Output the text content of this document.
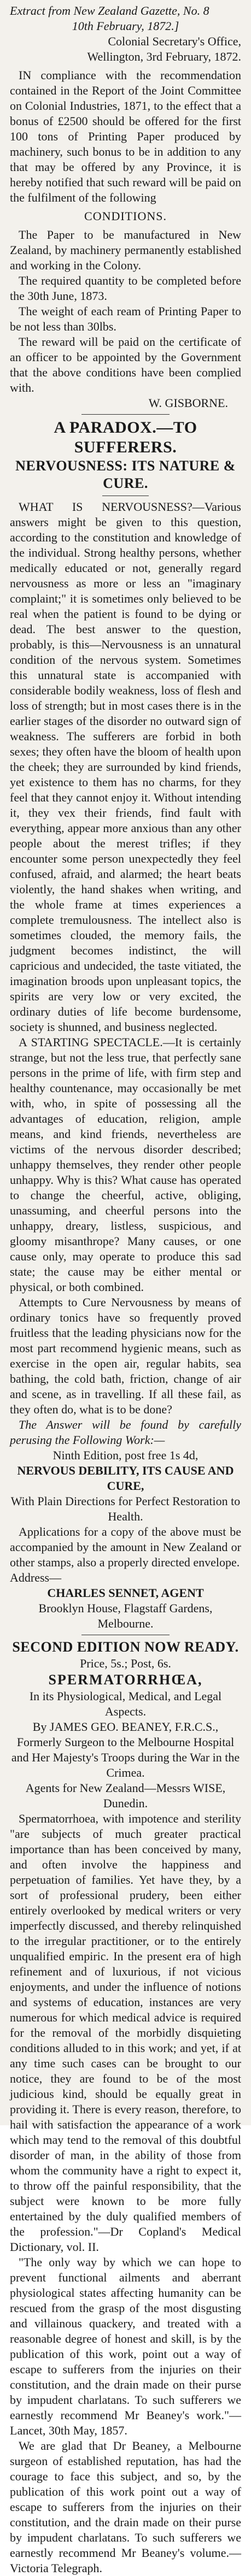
Extract from New Zealand Gazette, No. 8

10th February, 1872.]

Colonial Secretary's Office,

Wellington, 3rd February, 1872.

IN compliance with the recommendation contained in the Report of the Joint Committee on Colonial Industries, 1871, to the effect that a bonus of £2500 should be offered for the first 100 tons of Printing Paper produced by machinery, such bonus to be in addition to any that may be offered by any Province, it is hereby notified that such reward will be paid on the fulfilment of the following

CONDITIONS.

The Paper to be manufactured in New Zealand, by machinery permanently established and working in the Colony.

The required quantity to be completed before the 30th June, 1873.

The weight of each ream of Printing Paper to be not less than 30lbs.

The reward will be paid on the certificate of an officer to be appointed by the Government that the above conditions have been complied with.

W. GISBORNE.

A PARADOX.—TO SUFFERERS.

NERVOUSNESS: ITS NATURE & CURE.

WHAT IS NERVOUSNESS?—Various answers might be given to this question, according to the constitution and knowledge of the individual. Strong healthy persons, whether medically educated or not, generally regard nervousness as more or less an "imaginary complaint;" it is sometimes only believed to be real when the patient is found to be dying or dead. The best answer to the question, probably, is this—Nervousness is an unnatural condition of the nervous system. Sometimes this unnatural state is accompanied with considerable bodily weakness, loss of flesh and loss of strength; but in most cases there is in the earlier stages of the disorder no outward sign of weakness. The sufferers are forbid in both sexes; they often have the bloom of health upon the cheek; they are surrounded by kind friends, yet existence to them has no charms, for they feel that they cannot enjoy it. Without intending it, they vex their friends, find fault with everything, appear more anxious than any other people about the merest trifles; if they encounter some person unexpectedly they feel confused, afraid, and alarmed; the heart beats violently, the hand shakes when writing, and the whole frame at times experiences a complete tremulousness. The intellect also is sometimes clouded, the memory fails, the judgment becomes indistinct, the will capricious and undecided, the taste vitiated, the imagination broods upon unpleasant topics, the spirits are very low or very excited, the ordinary duties of life become burdensome, society is shunned, and business neglected.

A STARTING SPECTACLE.—It is certainly strange, but not the less true, that perfectly sane persons in the prime of life, with firm step and healthy countenance, may occasionally be met with, who, in spite of possessing all the advantages of education, religion, ample means, and kind friends, nevertheless are victims of the nervous disorder described; unhappy themselves, they render other people unhappy. Why is this? What cause has operated to change the cheerful, active, obliging, unassuming, and cheerful persons into the unhappy, dreary, listless, suspicious, and gloomy misanthrope? Many causes, or one cause only, may operate to produce this sad state; the cause may be either mental or physical, or both combined.

Attempts to Cure Nervousness by means of ordinary tonics have so frequently proved fruitless that the leading physicians now for the most part recommend hygienic means, such as exercise in the open air, regular habits, sea bathing, the cold bath, friction, change of air and scene, as in travelling. If all these fail, as they often do, what is to be done?

The Answer will be found by carefully perusing the Following Work:—

Ninth Edition, post free 1s 4d,

NERVOUS DEBILITY, ITS CAUSE AND CURE,

With Plain Directions for Perfect Restoration to Health.

Applications for a copy of the above must be accompanied by the amount in New Zealand or other stamps, also a properly directed envelope.

Address—

CHARLES SENNET, AGENT

Brooklyn House, Flagstaff Gardens,

Melbourne.

SECOND EDITION NOW READY.

Price, 5s.; Post, 6s.

SPERMATORRHŒA,

In its Physiological, Medical, and Legal Aspects.

By JAMES GEO. BEANEY, F.R.C.S.,

Formerly Surgeon to the Melbourne Hospital and Her Majesty's Troops during the War in the Crimea.

Agents for New Zealand—Messrs WISE, Dunedin.

Spermatorrhoea, with impotence and sterility "are subjects of much greater practical importance than has been conceived by many, and often involve the happiness and perpetuation of families. Yet have they, by a sort of professional prudery, been either entirely overlooked by medical writers or very imperfectly discussed, and thereby relinquished to the irregular practitioner, or to the entirely unqualified empiric. In the present era of high refinement and of luxurious, if not vicious enjoyments, and under the influence of notions and systems of education, instances are very numerous for which medical advice is required for the removal of the morbidly disquieting conditions alluded to in this work; and yet, if at any time such cases can be brought to our notice, they are found to be of the most judicious kind, should be equally great in providing it. There is every reason, therefore, to hail with satisfaction the appearance of a work which may tend to the removal of this doubtful disorder of man, in the ability of those from whom the community have a right to expect it, to throw off the painful responsibility, that the subject were known to be more fully entertained by the duly qualified members of the profession."—Dr Copland's Medical Dictionary, vol. II.

"The only way by which we can hope to prevent functional ailments and aberrant physiological states affecting humanity can be rescued from the grasp of the most disgusting and villainous quackery, and treated with a reasonable degree of honest and skill, is by the publication of this work, point out a way of escape to sufferers from the injuries on their constitution, and the drain made on their purse by impudent charlatans. To such sufferers we earnestly recommend Mr Beaney's work."—Lancet, 30th May, 1857.

We are glad that Dr Beaney, a Melbourne surgeon of established reputation, has had the courage to face this subject, and so, by the publication of this work point out a way of escape to sufferers from the injuries on their constitution, and the drain made on their purse by impudent charlatans. To such sufferers we earnestly recommend Mr Beaney's volume.—Victoria Telegraph.
